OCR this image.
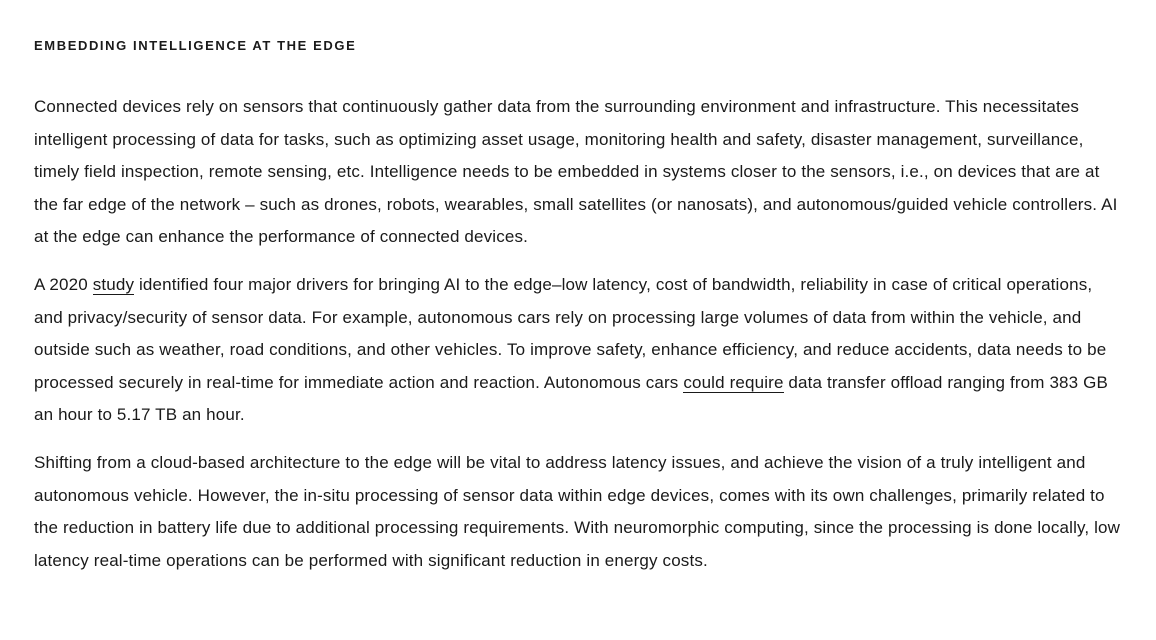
EMBEDDING INTELLIGENCE AT THE EDGE

Connected devices rely on sensors that continuously gather data from the surrounding environment and infrastructure. This necessitates intelligent processing of data for tasks, such as optimizing asset usage, monitoring health and safety, disaster management, surveillance, timely field inspection, remote sensing, etc. Intelligence needs to be embedded in systems closer to the sensors, i.e., on devices that are at the far edge of the network – such as drones, robots, wearables, small satellites (or nanosats), and autonomous/guided vehicle controllers. AI at the edge can enhance the performance of connected devices.

A 2020 study identified four major drivers for bringing AI to the edge–low latency, cost of bandwidth, reliability in case of critical operations, and privacy/security of sensor data. For example, autonomous cars rely on processing large volumes of data from within the vehicle, and outside such as weather, road conditions, and other vehicles. To improve safety, enhance efficiency, and reduce accidents, data needs to be processed securely in real-time for immediate action and reaction. Autonomous cars could require data transfer offload ranging from 383 GB an hour to 5.17 TB an hour.

Shifting from a cloud-based architecture to the edge will be vital to address latency issues, and achieve the vision of a truly intelligent and autonomous vehicle. However, the in-situ processing of sensor data within edge devices, comes with its own challenges, primarily related to the reduction in battery life due to additional processing requirements. With neuromorphic computing, since the processing is done locally, low latency real-time operations can be performed with significant reduction in energy costs.
